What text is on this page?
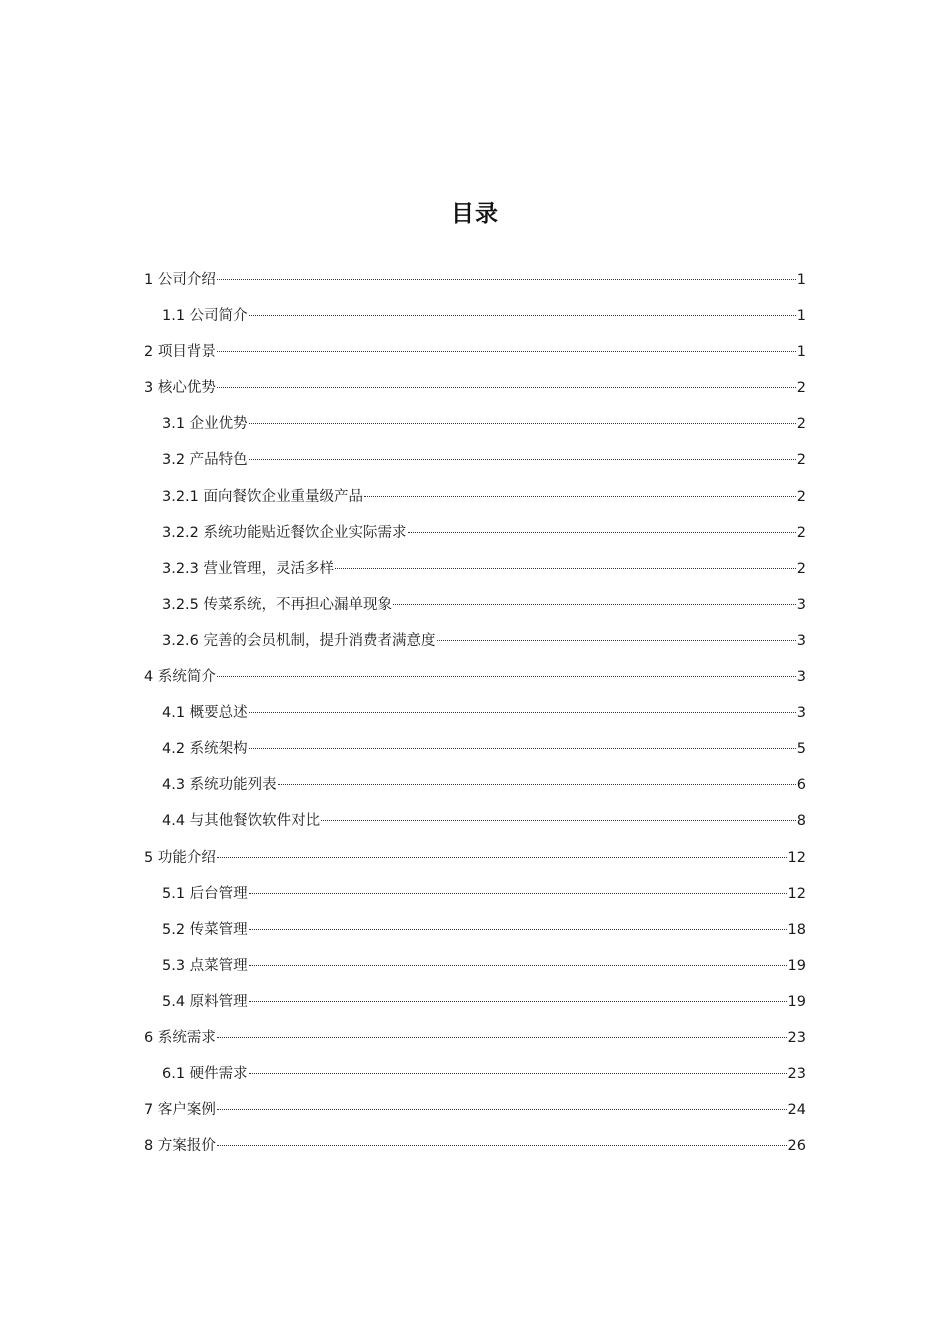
目录
1 公司介绍	1
1.1 公司简介	1
2 项目背景	1
3 核心优势	2
3.1 企业优势	2
3.2 产品特色	2
3.2.1 面向餐饮企业重量级产品	2
3.2.2 系统功能贴近餐饮企业实际需求	2
3.2.3 营业管理，灵活多样	2
3.2.5 传菜系统，不再担心漏单现象	3
3.2.6 完善的会员机制，提升消费者满意度	3
4 系统简介	3
4.1 概要总述	3
4.2 系统架构	5
4.3 系统功能列表	6
4.4 与其他餐饮软件对比	8
5 功能介绍	12
5.1 后台管理	12
5.2 传菜管理	18
5.3 点菜管理	19
5.4 原料管理	19
6 系统需求	23
6.1 硬件需求	23
7 客户案例	24
8 方案报价	26
